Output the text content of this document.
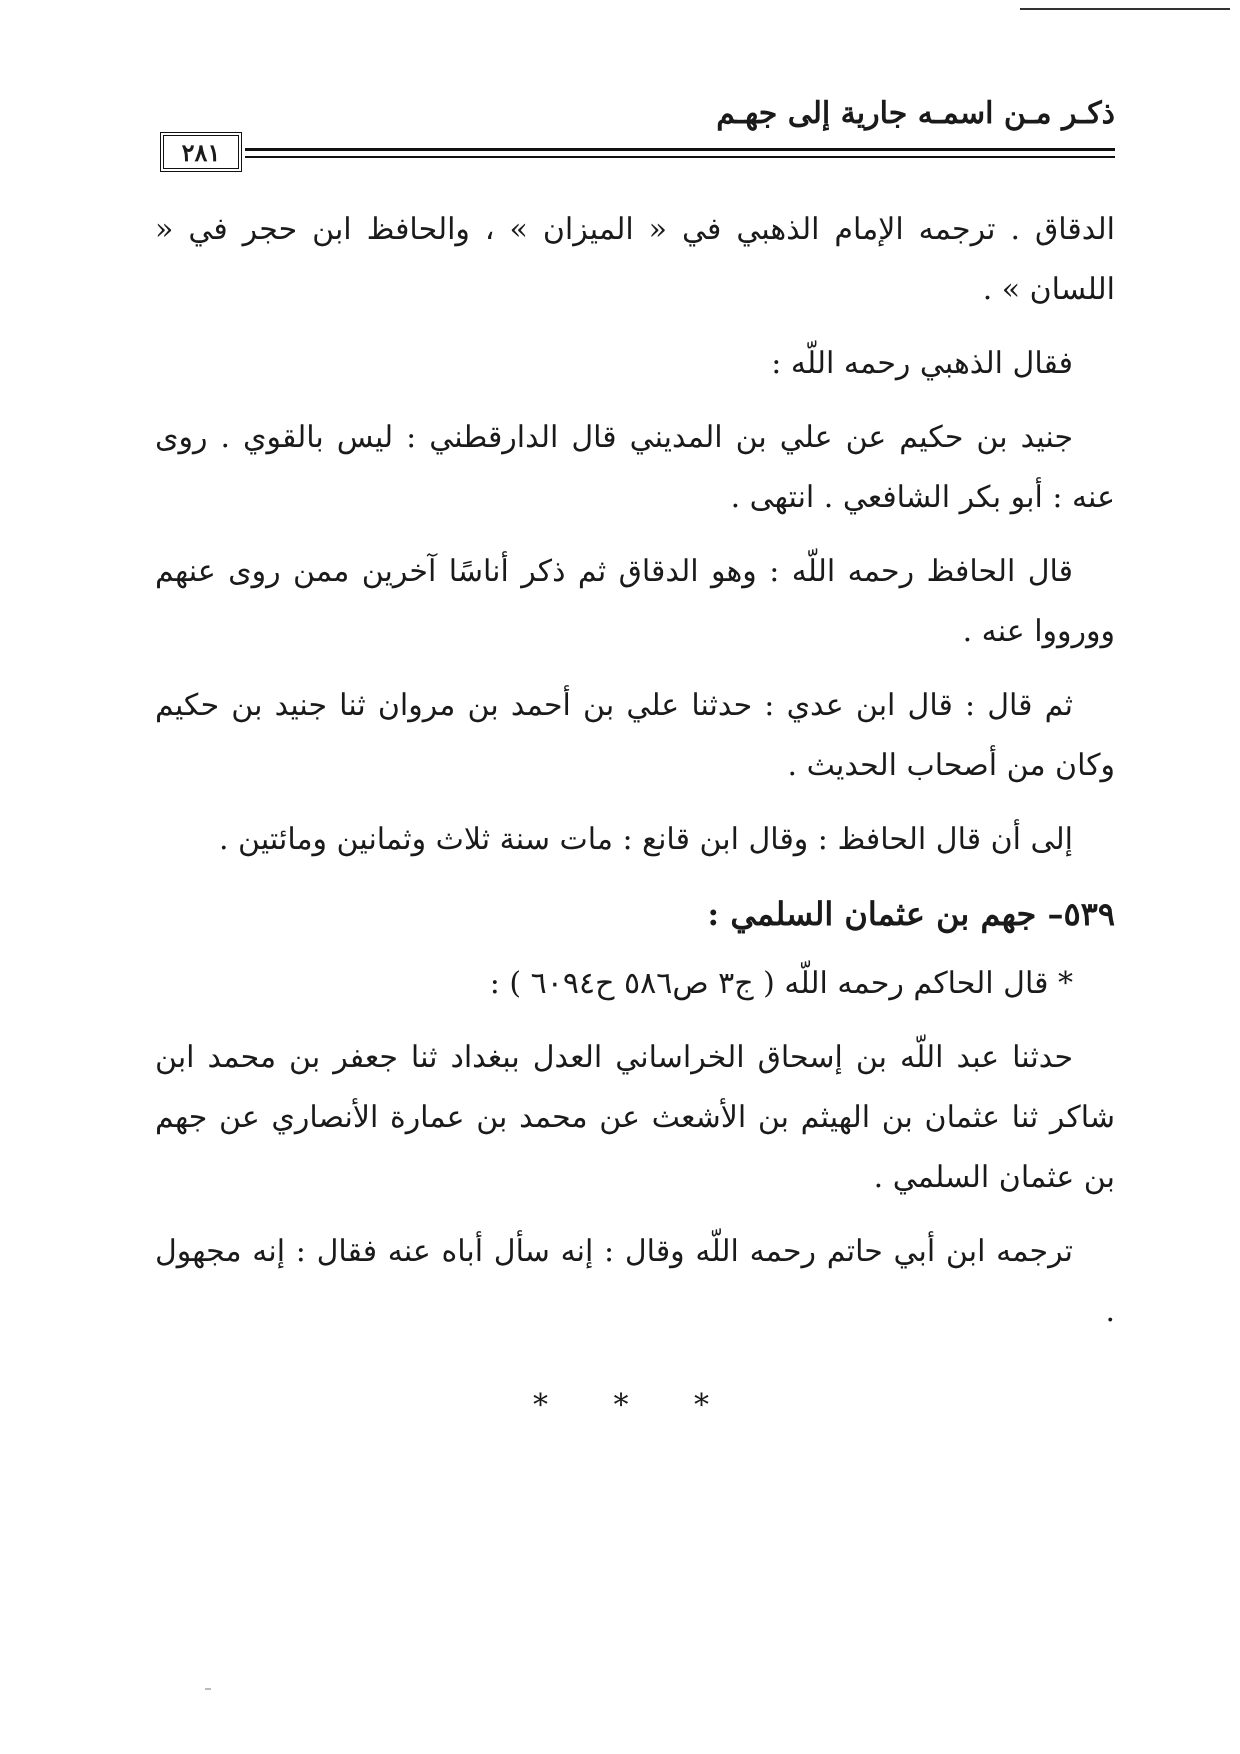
ذكـر مـن اسمـه جارية إلى جهـم
٢٨١

الدقاق . ترجمه الإمام الذهبي في « الميزان » ، والحافظ ابن حجر في « اللسان » .

فقال الذهبي رحمه اللّه :

جنيد بن حكيم عن علي بن المديني قال الدارقطني : ليس بالقوي . روى عنه : أبو بكر الشافعي . انتهى .

قال الحافظ رحمه اللّه : وهو الدقاق ثم ذكر أناسًا آخرين ممن روى عنهم وورووا عنه .

ثم قال : قال ابن عدي : حدثنا علي بن أحمد بن مروان ثنا جنيد بن حكيم وكان من أصحاب الحديث .

إلى أن قال الحافظ : وقال ابن قانع : مات سنة ثلاث وثمانين ومائتين .

٥٣٩– جهم بن عثمان السلمي :

* قال الحاكم رحمه اللّه ( ج٣ ص٥٨٦ ح٦٠٩٤ ) :

حدثنا عبد اللّه بن إسحاق الخراساني العدل ببغداد ثنا جعفر بن محمد ابن شاكر ثنا عثمان بن الهيثم بن الأشعث عن محمد بن عمارة الأنصاري عن جهم بن عثمان السلمي .

ترجمه ابن أبي حاتم رحمه اللّه وقال : إنه سأل أباه عنه فقال : إنه مجهول .

* * *
